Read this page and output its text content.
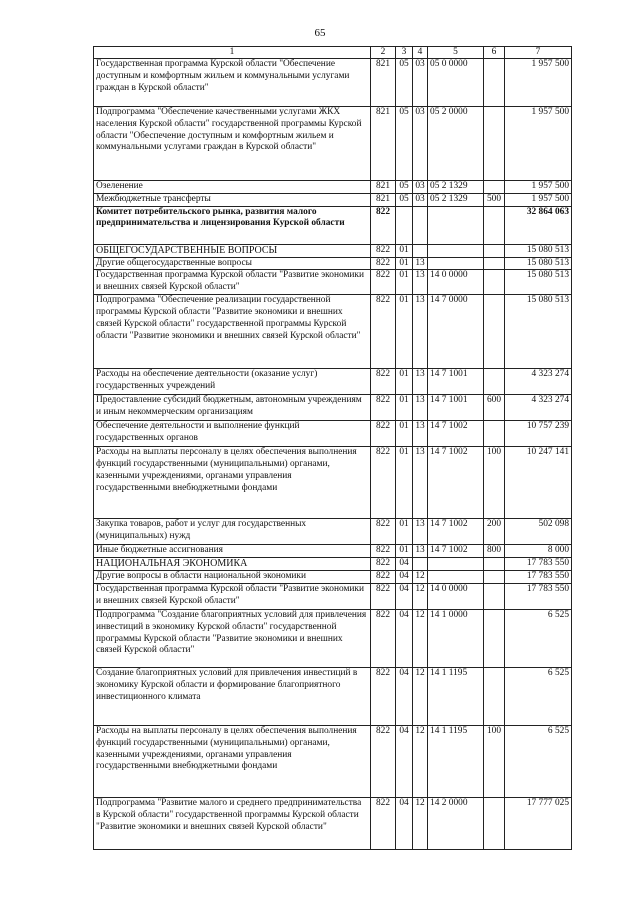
65
1	2	3	4	5	6	7
Государственная программа Курской области "Обеспечение доступным и комфортным жильем и коммунальными услугами граждан в Курской области"	821	05	03	05 0 0000		1 957 500
Подпрограмма "Обеспечение качественными услугами ЖКХ населения Курской области" государственной программы Курской области "Обеспечение доступным и комфортным жильем и коммунальными услугами граждан в Курской области"	821	05	03	05 2 0000		1 957 500
Озеленение	821	05	03	05 2 1329		1 957 500
Межбюджетные трансферты	821	05	03	05 2 1329	500	1 957 500
Комитет потребительского рынка, развития малого предпринимательства и лицензирования Курской области	822					32 864 063
ОБЩЕГОСУДАРСТВЕННЫЕ ВОПРОСЫ	822	01				15 080 513
Другие общегосударственные вопросы	822	01	13			15 080 513
Государственная программа Курской области "Развитие экономики и внешних связей Курской области"	822	01	13	14 0 0000		15 080 513
Подпрограмма "Обеспечение реализации государственной программы Курской области "Развитие экономики и внешних связей Курской области" государственной программы Курской области "Развитие экономики и внешних связей Курской области"	822	01	13	14 7 0000		15 080 513
Расходы на обеспечение деятельности (оказание услуг) государственных учреждений	822	01	13	14 7 1001		4 323 274
Предоставление субсидий бюджетным, автономным учреждениям и иным некоммерческим организациям	822	01	13	14 7 1001	600	4 323 274
Обеспечение деятельности и выполнение функций государственных органов	822	01	13	14 7 1002		10 757 239
Расходы на выплаты персоналу в целях обеспечения выполнения функций государственными (муниципальными) органами, казенными учреждениями, органами управления государственными внебюджетными фондами	822	01	13	14 7 1002	100	10 247 141
Закупка товаров, работ и услуг для государственных (муниципальных) нужд	822	01	13	14 7 1002	200	502 098
Иные бюджетные ассигнования	822	01	13	14 7 1002	800	8 000
НАЦИОНАЛЬНАЯ ЭКОНОМИКА	822	04				17 783 550
Другие вопросы в области национальной экономики	822	04	12			17 783 550
Государственная программа Курской области "Развитие экономики и внешних связей Курской области"	822	04	12	14 0 0000		17 783 550
Подпрограмма "Создание благоприятных условий для привлечения инвестиций в экономику Курской области" государственной программы Курской области "Развитие экономики и внешних связей Курской области"	822	04	12	14 1 0000		6 525
Создание благоприятных условий для привлечения инвестиций в экономику Курской области и формирование благоприятного инвестиционного климата	822	04	12	14 1 1195		6 525
Расходы на выплаты персоналу в целях обеспечения выполнения функций государственными (муниципальными) органами, казенными учреждениями, органами управления государственными внебюджетными фондами	822	04	12	14 1 1195	100	6 525
Подпрограмма "Развитие малого и среднего предпринимательства в Курской области" государственной программы Курской области "Развитие экономики и внешних связей Курской области"	822	04	12	14 2 0000		17 777 025
